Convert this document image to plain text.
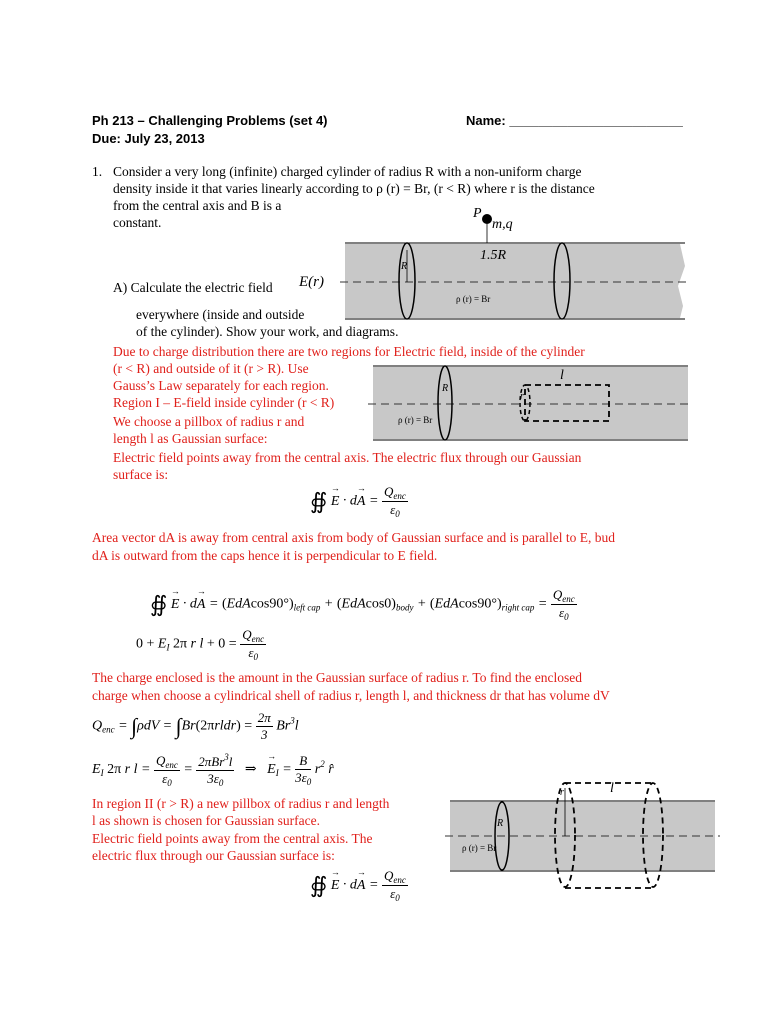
Ph 213 – Challenging Problems (set 4)	Name: ________________________
Due: July 23, 2013
1. Consider a very long (infinite) charged cylinder of radius R with a non-uniform charge
density inside it that varies linearly according to ρ (r) = Br, (r < R) where r is the distance
from the central axis and B is a
constant.
A) Calculate the electric field E(r)
everywhere (inside and outside
of the cylinder). Show your work, and diagrams.
P
m,q
1.5R
R
ρ (r) = Br
Due to charge distribution there are two regions for Electric field, inside of the cylinder
(r < R) and outside of it (r > R). Use
Gauss’s Law separately for each region.
Region I – E-field inside cylinder (r < R)
We choose a pillbox of radius r and
length l as Gaussian surface:
Electric field points away from the central axis. The electric flux through our Gaussian
surface is:
l
R
r
ρ (r) = Br
∯ → $E \cdot d\to A = \frac{Q_{enc}}{\varepsilon_0}$
Area vector dA is away from central axis from body of Gaussian surface and is parallel to E, bud
dA is outward from the caps hence it is perpendicular to E field.
∯ → $E \cdot d\to A = (EdAcos90^\circ)_{left cap} + (EdAcos0)_{body} + (EdAcos90^\circ)_{right cap} = \frac{Q_{enc}}{\varepsilon_0}$
$0 + E_I$ 2π r $l + 0 = \frac{Q_{enc}}{\varepsilon_0}$
The charge enclosed is the amount in the Gaussian surface of radius r. To find the enclosed
charge when choose a cylindrical shell of radius r, length l, and thickness dr that has volume dV
$Q_{enc} = \int\rho dV$ = ∫Br(2πrldr) = $\frac{2\pi}{3} Br^3l$
$E_I$ 2π r $l = \frac{Q_{enc}}{\varepsilon_0} = \frac{2\pi Br^3l}{3\varepsilon_0}$ ⇒ → $E_I = \frac{B}{3\varepsilon_0} r^2$ r̂
In region II (r > R) a new pillbox of radius r and length
l as shown is chosen for Gaussian surface.
Electric field points away from the central axis. The
electric flux through our Gaussian surface is:
l
R
r
ρ (r) = Br
∯ → $E \cdot d\to A = \frac{Q_{enc}}{\varepsilon_0}$
